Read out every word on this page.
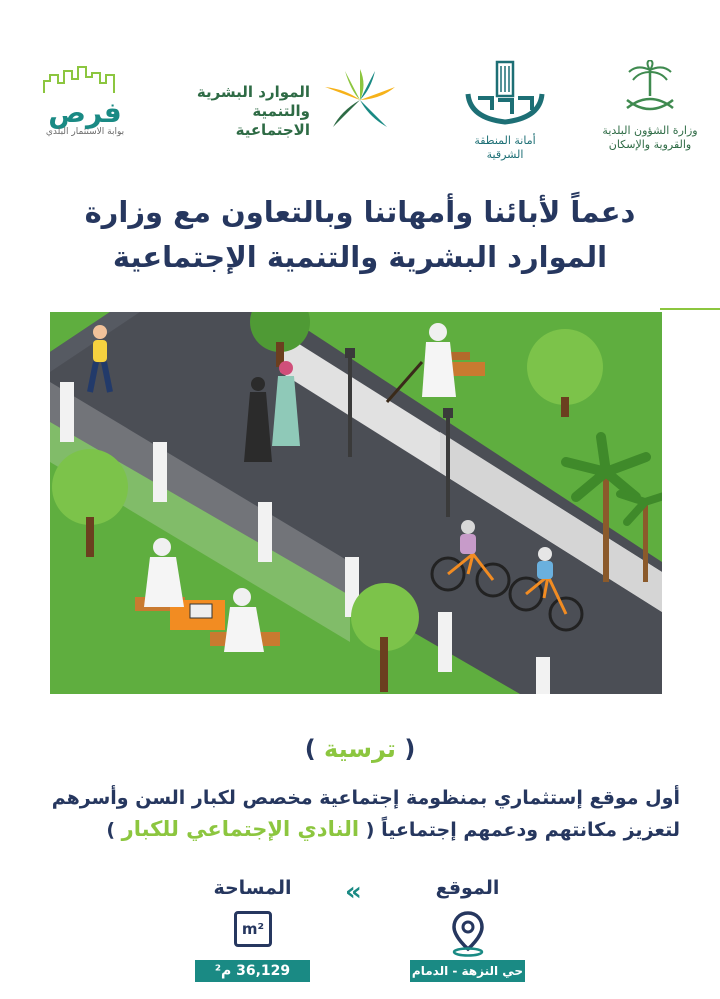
وزارة الشؤون البلدية
والقروية والإسكان
أمانة المنطقة الشرقية
الموارد البشرية
والتنمية الاجتماعية
فرص
بوابة الاستثمار البلدي
دعماً لأبائنا وأمهاتنا وبالتعاون مع وزارة
الموارد البشرية والتنمية الإجتماعية
( ترسية )
أول موقع إستثماري بمنظومة إجتماعية مخصص لكبار السن وأسرهم
لتعزيز مكانتهم ودعمهم إجتماعياً ( النادي الإجتماعي للكبار )
الموقع
حي النزهة - الدمام
«
المساحة
m²
36,129 م²
